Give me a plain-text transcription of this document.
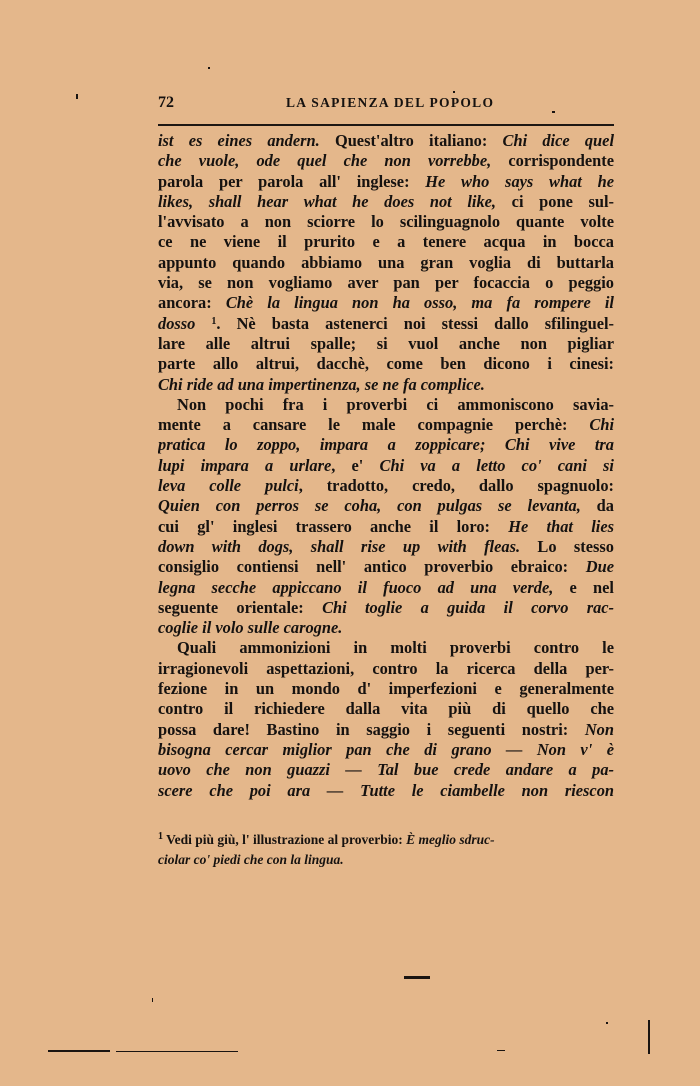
72	LA SAPIENZA DEL POPOLO
ist es eines andern. Quest'altro italiano: Chi dice quel
che vuole, ode quel che non vorrebbe, corrispondente
parola per parola all' inglese: He who says what he
likes, shall hear what he does not like, ci pone sul-
l'avvisato a non sciorre lo scilinguagnolo quante volte
ce ne viene il prurito e a tenere acqua in bocca
appunto quando abbiamo una gran voglia di buttarla
via, se non vogliamo aver pan per focaccia o peggio
ancora: Chè la lingua non ha osso, ma fa rompere il
dosso $^1$. Nè basta astenerci noi stessi dallo sfilinguel-
lare alle altrui spalle; si vuol anche non pigliar
parte allo altrui, dacchè, come ben dicono i cinesi:
Chi ride ad una impertinenza, se ne fa complice.
Non pochi fra i proverbi ci ammoniscono savia-
mente a cansare le male compagnie perchè: Chi
pratica lo zoppo, impara a zoppicare; Chi vive tra
lupi impara a urlare, e' Chi va a letto co' cani si
leva colle pulci, tradotto, credo, dallo spagnuolo:
Quien con perros se coha, con pulgas se levanta, da
cui gl' inglesi trassero anche il loro: He that lies
down with dogs, shall rise up with fleas. Lo stesso
consiglio contiensi nell' antico proverbio ebraico: Due
legna secche appiccano il fuoco ad una verde, e nel
seguente orientale: Chi toglie a guida il corvo rac-
coglie il volo sulle carogne.
Quali ammonizioni in molti proverbi contro le
irragionevoli aspettazioni, contro la ricerca della per-
fezione in un mondo d' imperfezioni e generalmente
contro il richiedere dalla vita più di quello che
possa dare! Bastino in saggio i seguenti nostri: Non
bisogna cercar miglior pan che di grano — Non v' è
uovo che non guazzi — Tal bue crede andare a pa-
scere che poi ara — Tutte le ciambelle non riescon
$^1$ Vedi più giù, l' illustrazione al proverbio: È meglio sdruc-
ciolar co' piedi che con la lingua.
